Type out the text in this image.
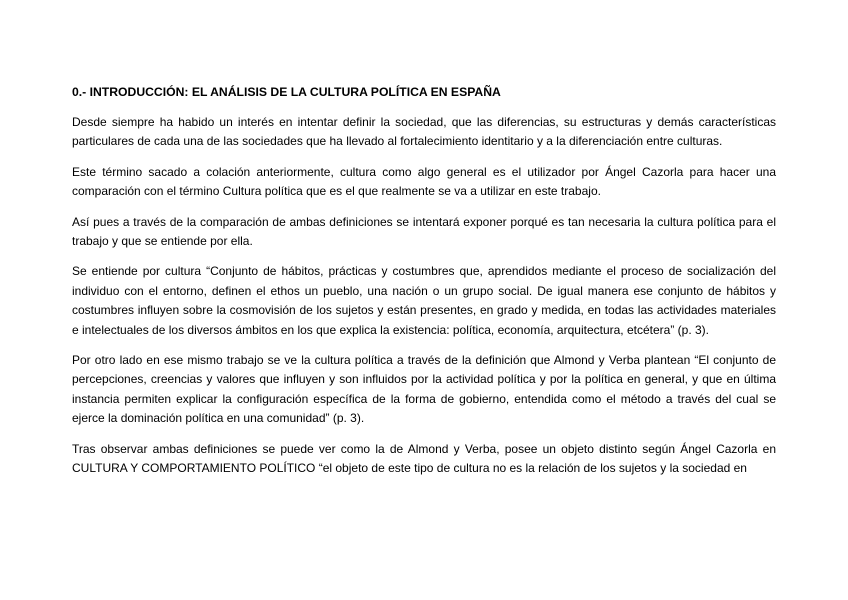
0.- INTRODUCCIÓN: EL ANÁLISIS DE LA CULTURA POLÍTICA EN ESPAÑA

Desde siempre ha habido un interés en intentar definir la sociedad, que las diferencias, su estructuras y demás características particulares de cada una de las sociedades que ha llevado al fortalecimiento identitario y a la diferenciación entre culturas.

Este término sacado a colación anteriormente, cultura como algo general es el utilizador por Ángel Cazorla para hacer una comparación con el término Cultura política que es el que realmente se va a utilizar en este trabajo.

Así pues a través de la comparación de ambas definiciones se intentará exponer porqué es tan necesaria la cultura política para el trabajo y que se entiende por ella.

Se entiende por cultura “Conjunto de hábitos, prácticas y costumbres que, aprendidos mediante el proceso de socialización del individuo con el entorno, definen el ethos un pueblo, una nación o un grupo social. De igual manera ese conjunto de hábitos y costumbres influyen sobre la cosmovisión de los sujetos y están presentes, en grado y medida, en todas las actividades materiales e intelectuales de los diversos ámbitos en los que explica la existencia: política, economía, arquitectura, etcétera” (p. 3).

Por otro lado en ese mismo trabajo se ve la cultura política a través de la definición que Almond y Verba plantean “El conjunto de percepciones, creencias y valores que influyen y son influidos por la actividad política y por la política en general, y que en última instancia permiten explicar la configuración específica de la forma de gobierno, entendida como el método a través del cual se ejerce la dominación política en una comunidad” (p. 3).

Tras observar ambas definiciones se puede ver como la de Almond y Verba, posee un objeto distinto según Ángel Cazorla en CULTURA Y COMPORTAMIENTO POLÍTICO “el objeto de este tipo de cultura no es la relación de los sujetos y la sociedad en
